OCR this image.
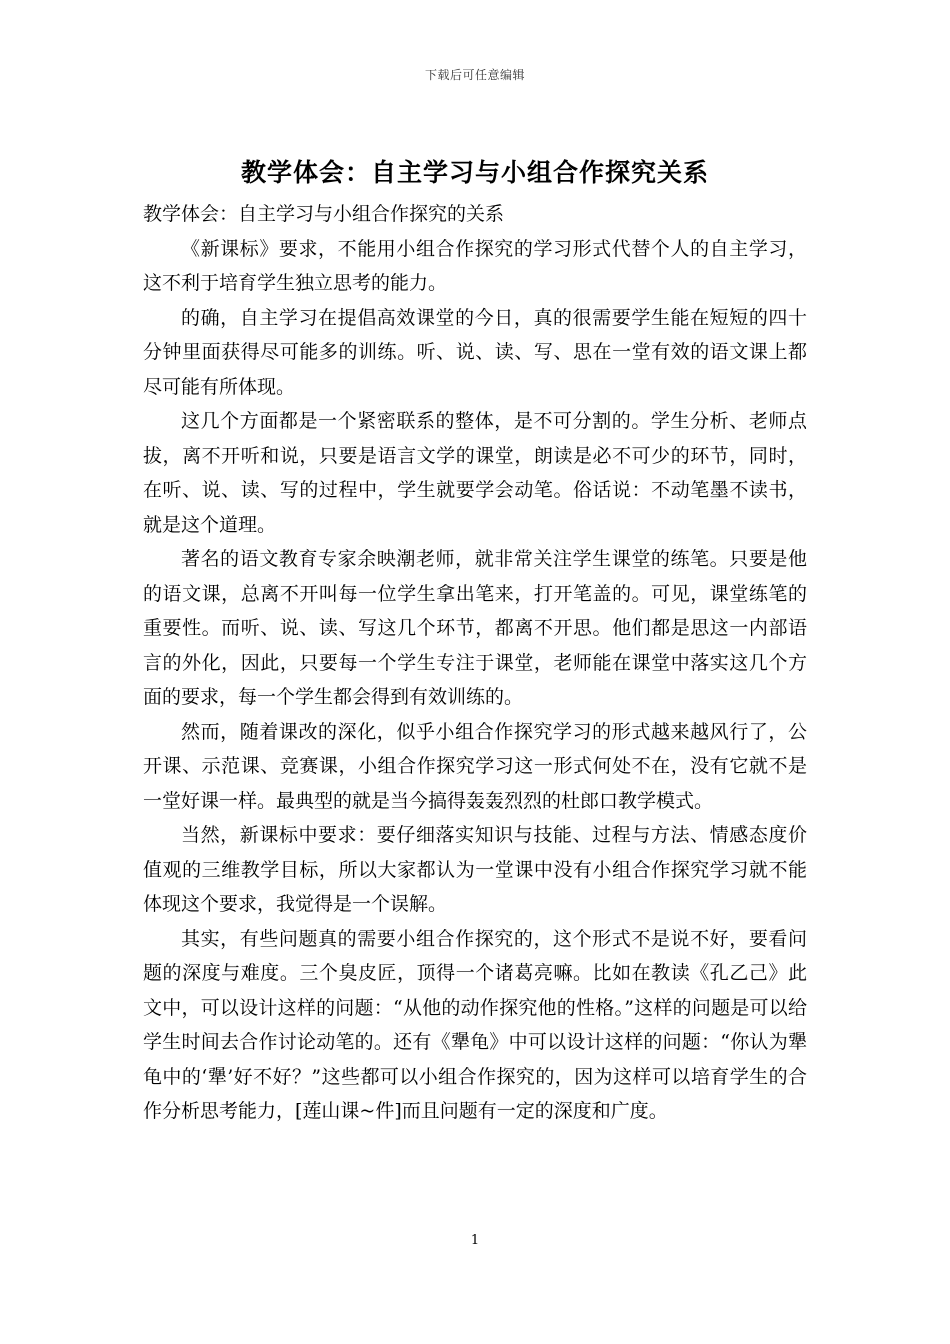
下载后可任意编辑
教学体会：自主学习与小组合作探究关系

教学体会：自主学习与小组合作探究的关系

《新课标》要求，不能用小组合作探究的学习形式代替个人的自主学习，这不利于培育学生独立思考的能力。

的确，自主学习在提倡高效课堂的今日，真的很需要学生能在短短的四十分钟里面获得尽可能多的训练。听、说、读、写、思在一堂有效的语文课上都尽可能有所体现。

这几个方面都是一个紧密联系的整体，是不可分割的。学生分析、老师点拔，离不开听和说，只要是语言文学的课堂，朗读是必不可少的环节，同时，在听、说、读、写的过程中，学生就要学会动笔。俗话说：不动笔墨不读书，就是这个道理。

著名的语文教育专家余映潮老师，就非常关注学生课堂的练笔。只要是他的语文课，总离不开叫每一位学生拿出笔来，打开笔盖的。可见，课堂练笔的重要性。而听、说、读、写这几个环节，都离不开思。他们都是思这一内部语言的外化，因此，只要每一个学生专注于课堂，老师能在课堂中落实这几个方面的要求，每一个学生都会得到有效训练的。

然而，随着课改的深化，似乎小组合作探究学习的形式越来越风行了，公开课、示范课、竞赛课，小组合作探究学习这一形式何处不在，没有它就不是一堂好课一样。最典型的就是当今搞得轰轰烈烈的杜郎口教学模式。

当然，新课标中要求：要仔细落实知识与技能、过程与方法、情感态度价值观的三维教学目标，所以大家都认为一堂课中没有小组合作探究学习就不能体现这个要求，我觉得是一个误解。

其实，有些问题真的需要小组合作探究的，这个形式不是说不好，要看问题的深度与难度。三个臭皮匠，顶得一个诸葛亮嘛。比如在教读《孔乙己》此文中，可以设计这样的问题：“从他的动作探究他的性格。”这样的问题是可以给学生时间去合作讨论动笔的。还有《犟龟》中可以设计这样的问题：“你认为犟龟中的‘犟’好不好？”这些都可以小组合作探究的，因为这样可以培育学生的合作分析思考能力，[莲山课~件]而且问题有一定的深度和广度。

1
